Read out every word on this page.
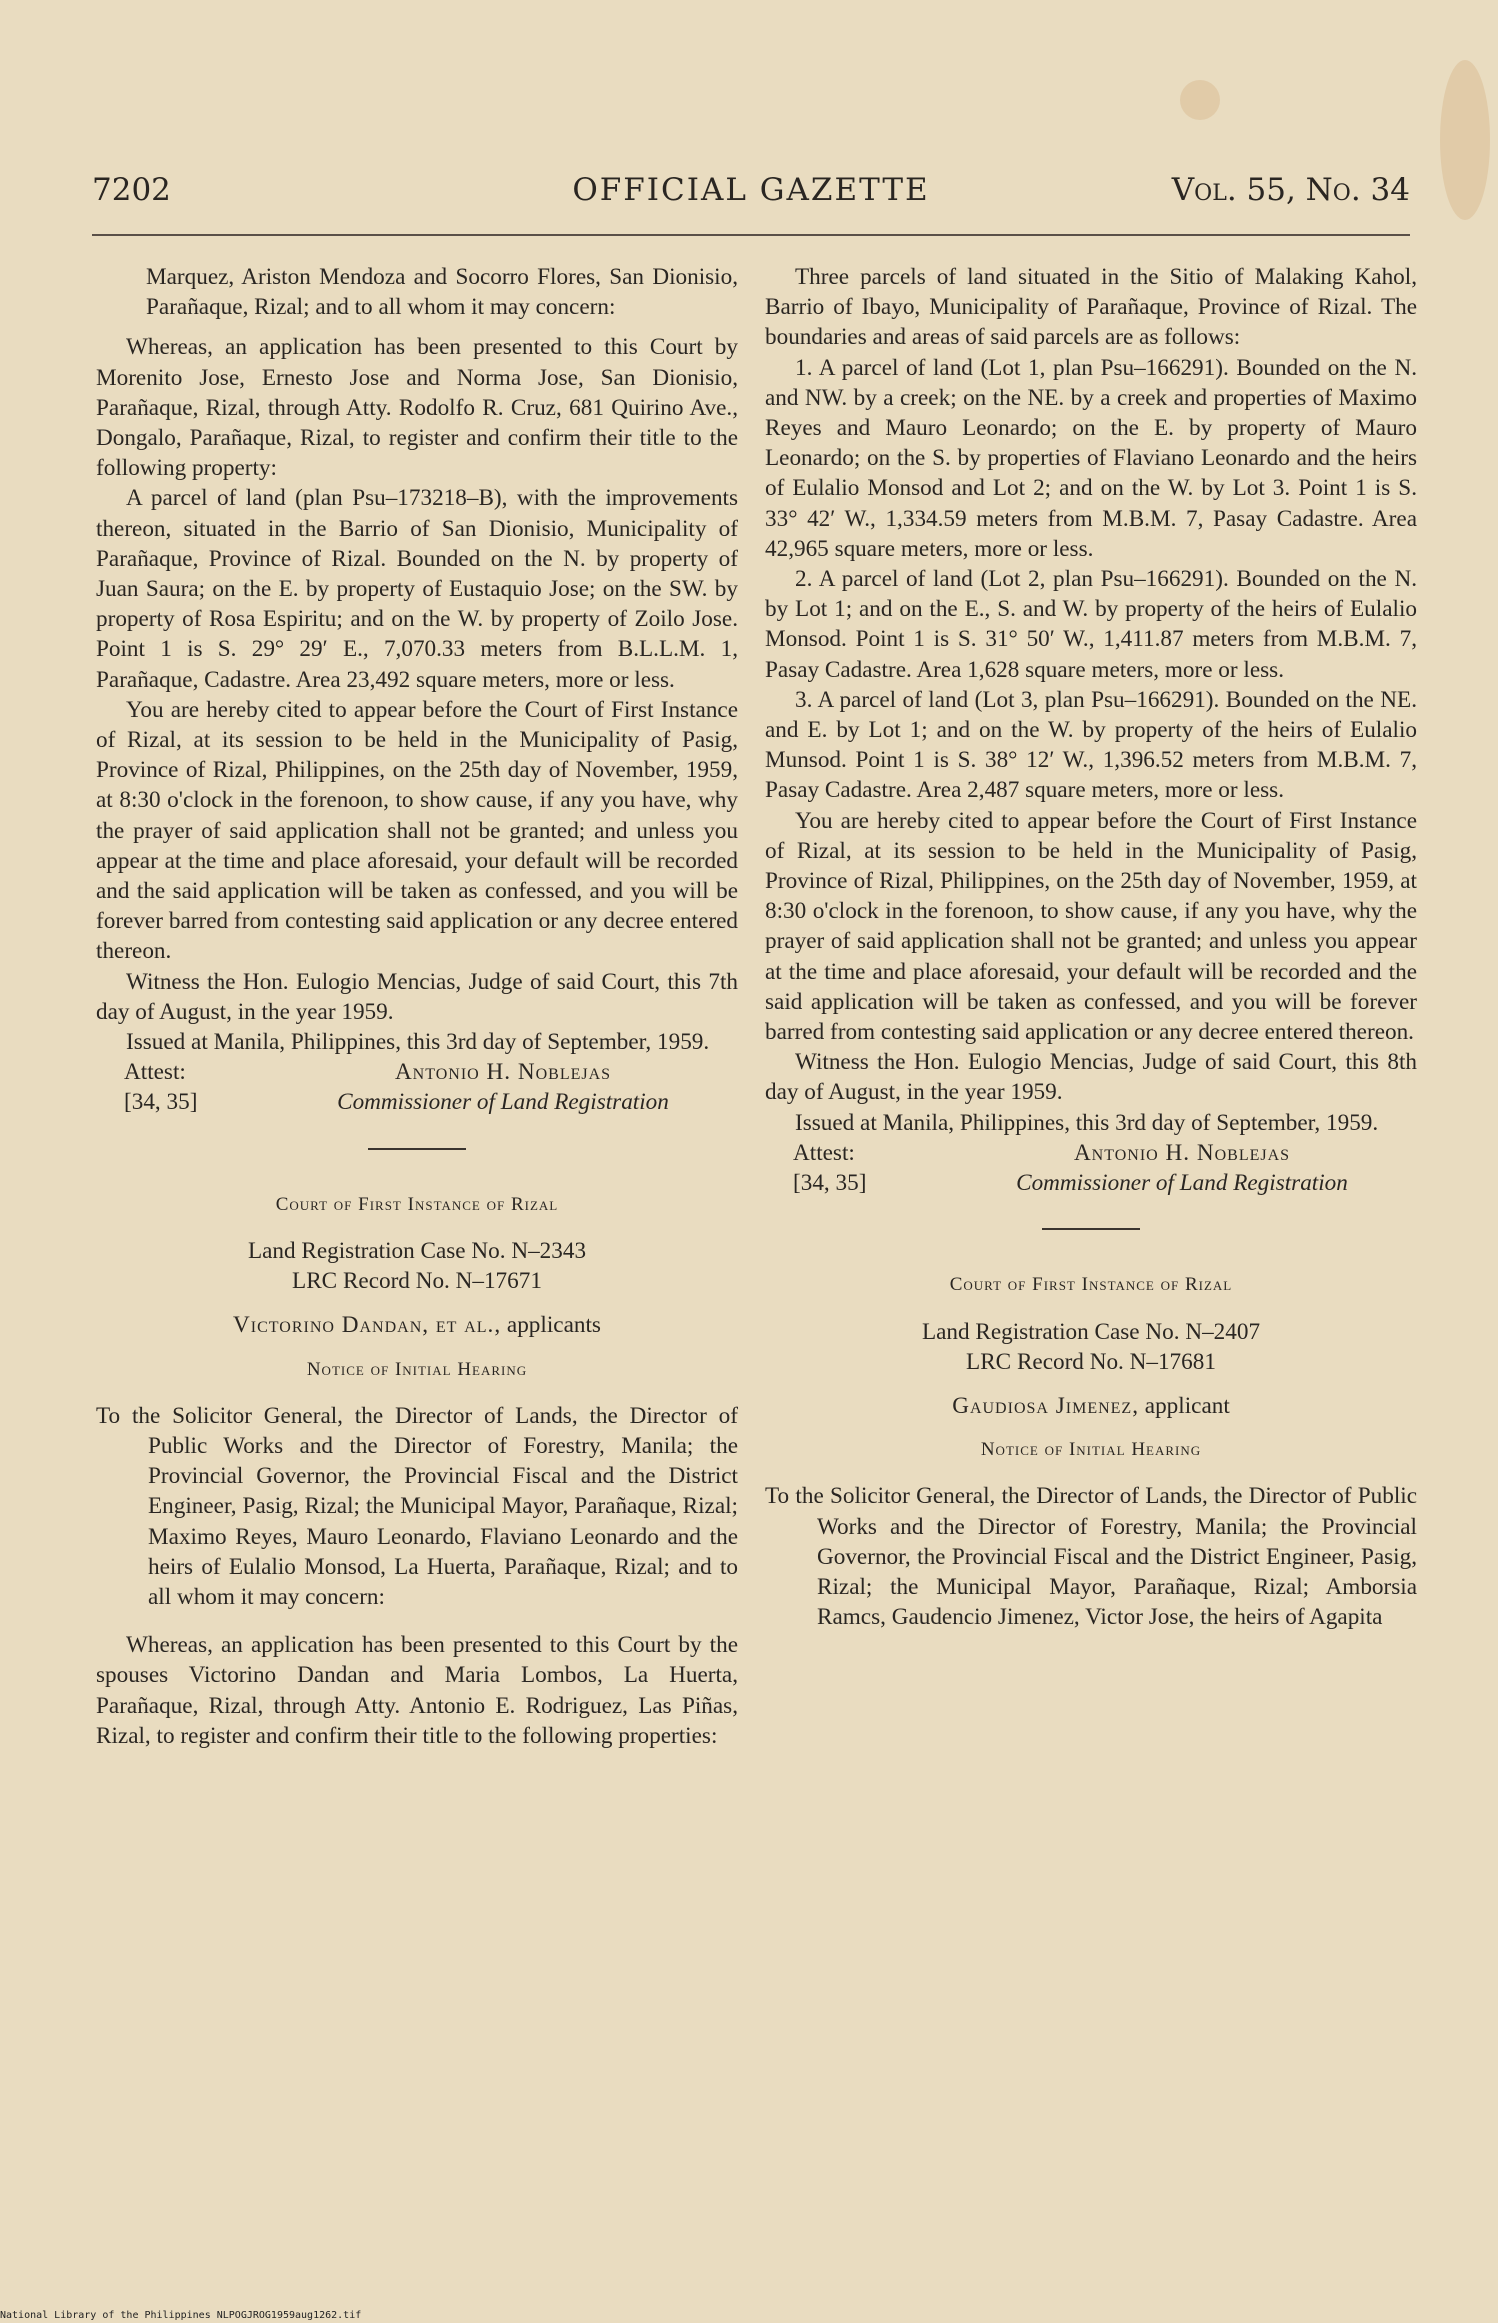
7202	OFFICIAL GAZETTE	Vol. 55, No. 34

Marquez, Ariston Mendoza and Socorro Flores, San Dionisio, Parañaque, Rizal; and to all whom it may concern:

Whereas, an application has been presented to this Court by Morenito Jose, Ernesto Jose and Norma Jose, San Dionisio, Parañaque, Rizal, through Atty. Rodolfo R. Cruz, 681 Quirino Ave., Dongalo, Parañaque, Rizal, to register and confirm their title to the following property:

A parcel of land (plan Psu–173218–B), with the improvements thereon, situated in the Barrio of San Dionisio, Municipality of Parañaque, Province of Rizal. Bounded on the N. by property of Juan Saura; on the E. by property of Eustaquio Jose; on the SW. by property of Rosa Espiritu; and on the W. by property of Zoilo Jose. Point 1 is S. 29° 29′ E., 7,070.33 meters from B.L.L.M. 1, Parañaque, Cadastre. Area 23,492 square meters, more or less.

You are hereby cited to appear before the Court of First Instance of Rizal, at its session to be held in the Municipality of Pasig, Province of Rizal, Philippines, on the 25th day of November, 1959, at 8:30 o'clock in the forenoon, to show cause, if any you have, why the prayer of said application shall not be granted; and unless you appear at the time and place aforesaid, your default will be recorded and the said application will be taken as confessed, and you will be forever barred from contesting said application or any decree entered thereon.

Witness the Hon. Eulogio Mencias, Judge of said Court, this 7th day of August, in the year 1959.

Issued at Manila, Philippines, this 3rd day of September, 1959.

Attest:
[34, 35]
Antonio H. Noblejas
Commissioner of Land Registration

Court of First Instance of Rizal

Land Registration Case No. N–2343

LRC Record No. N–17671

Victorino Dandan, et al., applicants

Notice of Initial Hearing

To the Solicitor General, the Director of Lands, the Director of Public Works and the Director of Forestry, Manila; the Provincial Governor, the Provincial Fiscal and the District Engineer, Pasig, Rizal; the Municipal Mayor, Parañaque, Rizal; Maximo Reyes, Mauro Leonardo, Flaviano Leonardo and the heirs of Eulalio Monsod, La Huerta, Parañaque, Rizal; and to all whom it may concern:

Whereas, an application has been presented to this Court by the spouses Victorino Dandan and Maria Lombos, La Huerta, Parañaque, Rizal, through Atty. Antonio E. Rodriguez, Las Piñas, Rizal, to register and confirm their title to the following properties:

Three parcels of land situated in the Sitio of Malaking Kahol, Barrio of Ibayo, Municipality of Parañaque, Province of Rizal. The boundaries and areas of said parcels are as follows:

1. A parcel of land (Lot 1, plan Psu–166291). Bounded on the N. and NW. by a creek; on the NE. by a creek and properties of Maximo Reyes and Mauro Leonardo; on the E. by property of Mauro Leonardo; on the S. by properties of Flaviano Leonardo and the heirs of Eulalio Monsod and Lot 2; and on the W. by Lot 3. Point 1 is S. 33° 42′ W., 1,334.59 meters from M.B.M. 7, Pasay Cadastre. Area 42,965 square meters, more or less.

2. A parcel of land (Lot 2, plan Psu–166291). Bounded on the N. by Lot 1; and on the E., S. and W. by property of the heirs of Eulalio Monsod. Point 1 is S. 31° 50′ W., 1,411.87 meters from M.B.M. 7, Pasay Cadastre. Area 1,628 square meters, more or less.

3. A parcel of land (Lot 3, plan Psu–166291). Bounded on the NE. and E. by Lot 1; and on the W. by property of the heirs of Eulalio Munsod. Point 1 is S. 38° 12′ W., 1,396.52 meters from M.B.M. 7, Pasay Cadastre. Area 2,487 square meters, more or less.

You are hereby cited to appear before the Court of First Instance of Rizal, at its session to be held in the Municipality of Pasig, Province of Rizal, Philippines, on the 25th day of November, 1959, at 8:30 o'clock in the forenoon, to show cause, if any you have, why the prayer of said application shall not be granted; and unless you appear at the time and place aforesaid, your default will be recorded and the said application will be taken as confessed, and you will be forever barred from contesting said application or any decree entered thereon.

Witness the Hon. Eulogio Mencias, Judge of said Court, this 8th day of August, in the year 1959.

Issued at Manila, Philippines, this 3rd day of September, 1959.

Attest:
[34, 35]
Antonio H. Noblejas
Commissioner of Land Registration

Court of First Instance of Rizal

Land Registration Case No. N–2407

LRC Record No. N–17681

Gaudiosa Jimenez, applicant

Notice of Initial Hearing

To the Solicitor General, the Director of Lands, the Director of Public Works and the Director of Forestry, Manila; the Provincial Governor, the Provincial Fiscal and the District Engineer, Pasig, Rizal; the Municipal Mayor, Parañaque, Rizal; Amborsia Ramcs, Gaudencio Jimenez, Victor Jose, the heirs of Agapita

National Library of the Philippines NLPOGJROG1959aug1262.tif
